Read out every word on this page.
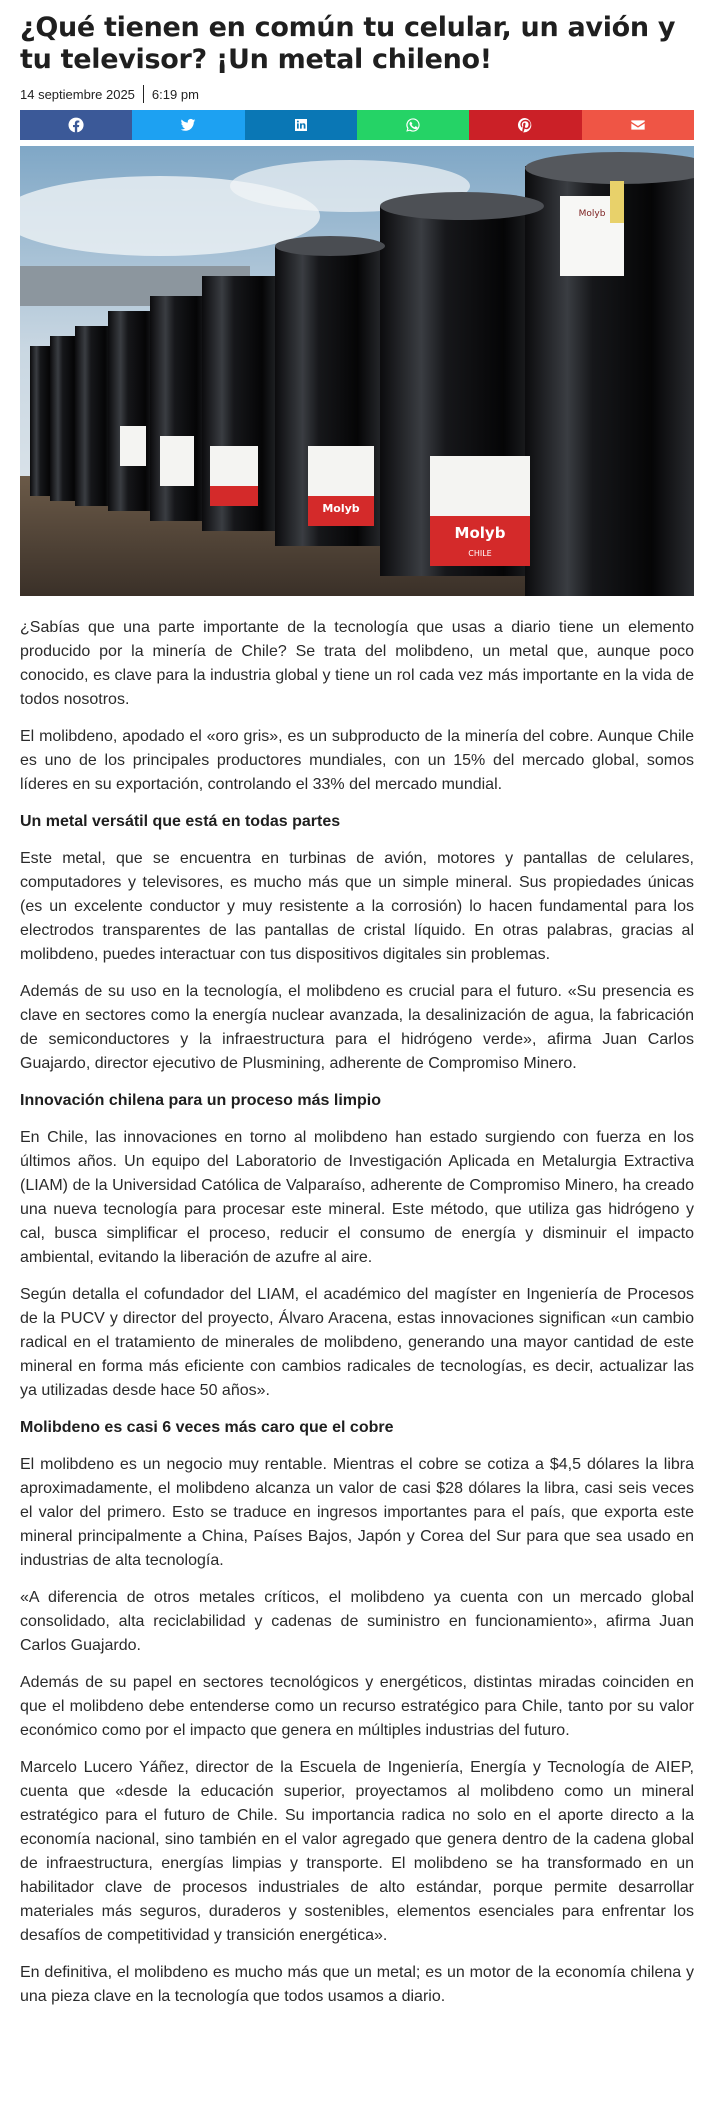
¿Qué tienen en común tu celular, un avión y tu televisor? ¡Un metal chileno!
14 septiembre 2025 6:19 pm
Molyb
Molyb
CHILE
Molyb

¿Sabías que una parte importante de la tecnología que usas a diario tiene un elemento producido por la minería de Chile? Se trata del molibdeno, un metal que, aunque poco conocido, es clave para la industria global y tiene un rol cada vez más importante en la vida de todos nosotros.

El molibdeno, apodado el «oro gris», es un subproducto de la minería del cobre. Aunque Chile es uno de los principales productores mundiales, con un 15% del mercado global, somos líderes en su exportación, controlando el 33% del mercado mundial.

Un metal versátil que está en todas partes

Este metal, que se encuentra en turbinas de avión, motores y pantallas de celulares, computadores y televisores, es mucho más que un simple mineral. Sus propiedades únicas (es un excelente conductor y muy resistente a la corrosión) lo hacen fundamental para los electrodos transparentes de las pantallas de cristal líquido. En otras palabras, gracias al molibdeno, puedes interactuar con tus dispositivos digitales sin problemas.

Además de su uso en la tecnología, el molibdeno es crucial para el futuro. «Su presencia es clave en sectores como la energía nuclear avanzada, la desalinización de agua, la fabricación de semiconductores y la infraestructura para el hidrógeno verde», afirma Juan Carlos Guajardo, director ejecutivo de Plusmining, adherente de Compromiso Minero.

Innovación chilena para un proceso más limpio

En Chile, las innovaciones en torno al molibdeno han estado surgiendo con fuerza en los últimos años. Un equipo del Laboratorio de Investigación Aplicada en Metalurgia Extractiva (LIAM) de la Universidad Católica de Valparaíso, adherente de Compromiso Minero, ha creado una nueva tecnología para procesar este mineral. Este método, que utiliza gas hidrógeno y cal, busca simplificar el proceso, reducir el consumo de energía y disminuir el impacto ambiental, evitando la liberación de azufre al aire.

Según detalla el cofundador del LIAM, el académico del magíster en Ingeniería de Procesos de la PUCV y director del proyecto, Álvaro Aracena, estas innovaciones significan «un cambio radical en el tratamiento de minerales de molibdeno, generando una mayor cantidad de este mineral en forma más eficiente con cambios radicales de tecnologías, es decir, actualizar las ya utilizadas desde hace 50 años».

Molibdeno es casi 6 veces más caro que el cobre

El molibdeno es un negocio muy rentable. Mientras el cobre se cotiza a $4,5 dólares la libra aproximadamente, el molibdeno alcanza un valor de casi $28 dólares la libra, casi seis veces el valor del primero. Esto se traduce en ingresos importantes para el país, que exporta este mineral principalmente a China, Países Bajos, Japón y Corea del Sur para que sea usado en industrias de alta tecnología.

«A diferencia de otros metales críticos, el molibdeno ya cuenta con un mercado global consolidado, alta reciclabilidad y cadenas de suministro en funcionamiento», afirma Juan Carlos Guajardo.

Además de su papel en sectores tecnológicos y energéticos, distintas miradas coinciden en que el molibdeno debe entenderse como un recurso estratégico para Chile, tanto por su valor económico como por el impacto que genera en múltiples industrias del futuro.

Marcelo Lucero Yáñez, director de la Escuela de Ingeniería, Energía y Tecnología de AIEP, cuenta que «desde la educación superior, proyectamos al molibdeno como un mineral estratégico para el futuro de Chile. Su importancia radica no solo en el aporte directo a la economía nacional, sino también en el valor agregado que genera dentro de la cadena global de infraestructura, energías limpias y transporte. El molibdeno se ha transformado en un habilitador clave de procesos industriales de alto estándar, porque permite desarrollar materiales más seguros, duraderos y sostenibles, elementos esenciales para enfrentar los desafíos de competitividad y transición energética».

En definitiva, el molibdeno es mucho más que un metal; es un motor de la economía chilena y una pieza clave en la tecnología que todos usamos a diario.
